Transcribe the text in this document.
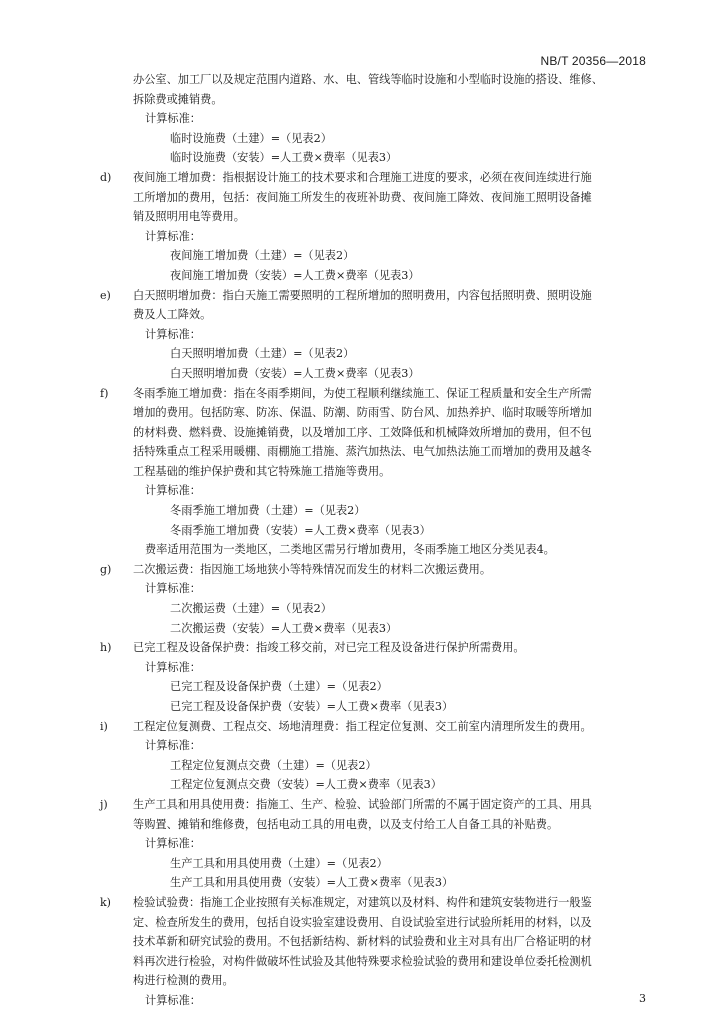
NB/T 20356—2018
办公室、加工厂以及规定范围内道路、水、电、管线等临时设施和小型临时设施的搭设、维修、
拆除费或摊销费。
计算标准：
临时设施费（土建）=（见表2）
临时设施费（安装）=人工费×费率（见表3）
d)	夜间施工增加费：指根据设计施工的技术要求和合理施工进度的要求，必须在夜间连续进行施
工所增加的费用，包括：夜间施工所发生的夜班补助费、夜间施工降效、夜间施工照明设备摊
销及照明用电等费用。
计算标准：
夜间施工增加费（土建）=（见表2）
夜间施工增加费（安装）=人工费×费率（见表3）
e)	白天照明增加费：指白天施工需要照明的工程所增加的照明费用，内容包括照明费、照明设施
费及人工降效。
计算标准：
白天照明增加费（土建）=（见表2）
白天照明增加费（安装）=人工费×费率（见表3）
f)	冬雨季施工增加费：指在冬雨季期间，为使工程顺利继续施工、保证工程质量和安全生产所需
增加的费用。包括防寒、防冻、保温、防潮、防雨雪、防台风、加热养护、临时取暖等所增加
的材料费、燃料费、设施摊销费，以及增加工序、工效降低和机械降效所增加的费用，但不包
括特殊重点工程采用暖棚、雨棚施工措施、蒸汽加热法、电气加热法施工而增加的费用及越冬
工程基础的维护保护费和其它特殊施工措施等费用。
计算标准：
冬雨季施工增加费（土建）=（见表2）
冬雨季施工增加费（安装）=人工费×费率（见表3）
费率适用范围为一类地区，二类地区需另行增加费用，冬雨季施工地区分类见表4。
g)	二次搬运费：指因施工场地狭小等特殊情况而发生的材料二次搬运费用。
计算标准：
二次搬运费（土建）=（见表2）
二次搬运费（安装）=人工费×费率（见表3）
h)	已完工程及设备保护费：指竣工移交前，对已完工程及设备进行保护所需费用。
计算标准：
已完工程及设备保护费（土建）=（见表2）
已完工程及设备保护费（安装）=人工费×费率（见表3）
i)	工程定位复测费、工程点交、场地清理费：指工程定位复测、交工前室内清理所发生的费用。
计算标准：
工程定位复测点交费（土建）=（见表2）
工程定位复测点交费（安装）=人工费×费率（见表3）
j)	生产工具和用具使用费：指施工、生产、检验、试验部门所需的不属于固定资产的工具、用具
等购置、摊销和维修费，包括电动工具的用电费，以及支付给工人自备工具的补贴费。
计算标准：
生产工具和用具使用费（土建）=（见表2）
生产工具和用具使用费（安装）=人工费×费率（见表3）
k)	检验试验费：指施工企业按照有关标准规定，对建筑以及材料、构件和建筑安装物进行一般鉴
定、检查所发生的费用，包括自设实验室建设费用、自设试验室进行试验所耗用的材料，以及
技术革新和研究试验的费用。不包括新结构、新材料的试验费和业主对具有出厂合格证明的材
料再次进行检验，对构件做破坏性试验及其他特殊要求检验试验的费用和建设单位委托检测机
构进行检测的费用。
计算标准：	3
